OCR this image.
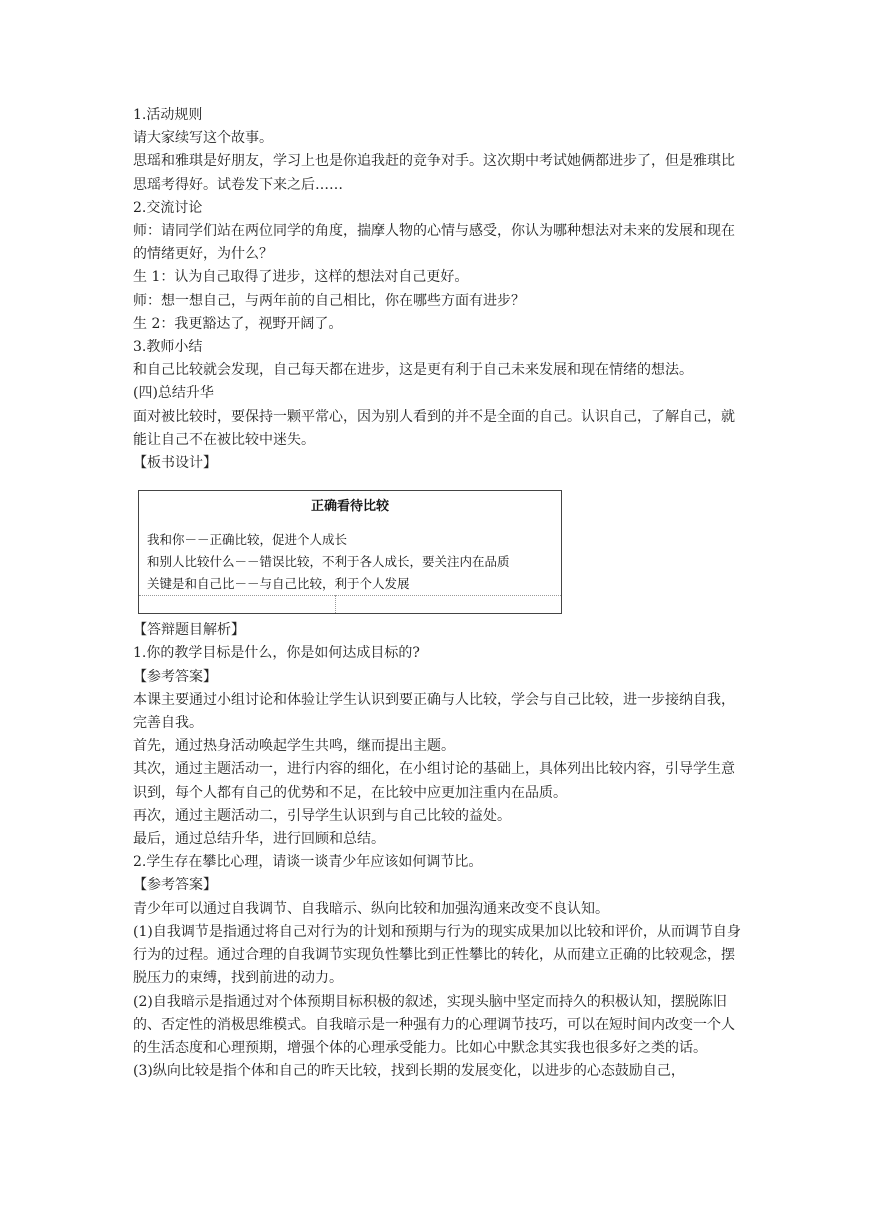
1.活动规则

请大家续写这个故事。

思瑶和雅琪是好朋友，学习上也是你追我赶的竞争对手。这次期中考试她俩都进步了，但是雅琪比思瑶考得好。试卷发下来之后……

2.交流讨论

师：请同学们站在两位同学的角度，揣摩人物的心情与感受，你认为哪种想法对未来的发展和现在的情绪更好，为什么？

生 1：认为自己取得了进步，这样的想法对自己更好。

师：想一想自己，与两年前的自己相比，你在哪些方面有进步？

生 2：我更豁达了，视野开阔了。

3.教师小结

和自己比较就会发现，自己每天都在进步，这是更有利于自己未来发展和现在情绪的想法。

(四)总结升华

面对被比较时，要保持一颗平常心，因为别人看到的并不是全面的自己。认识自己，了解自己，就能让自己不在被比较中迷失。

【板书设计】

正确看待比较
我和你－－正确比较，促进个人成长
和别人比较什么－－错误比较，不利于各人成长，要关注内在品质
关键是和自己比－－与自己比较，利于个人发展

【答辩题目解析】

1.你的教学目标是什么，你是如何达成目标的?

【参考答案】

本课主要通过小组讨论和体验让学生认识到要正确与人比较，学会与自己比较，进一步接纳自我，完善自我。

首先，通过热身活动唤起学生共鸣，继而提出主题。

其次，通过主题活动一，进行内容的细化，在小组讨论的基础上，具体列出比较内容，引导学生意识到，每个人都有自己的优势和不足，在比较中应更加注重内在品质。

再次，通过主题活动二，引导学生认识到与自己比较的益处。

最后，通过总结升华，进行回顾和总结。

2.学生存在攀比心理，请谈一谈青少年应该如何调节比。

【参考答案】

青少年可以通过自我调节、自我暗示、纵向比较和加强沟通来改变不良认知。

(1)自我调节是指通过将自己对行为的计划和预期与行为的现实成果加以比较和评价，从而调节自身行为的过程。通过合理的自我调节实现负性攀比到正性攀比的转化，从而建立正确的比较观念，摆脱压力的束缚，找到前进的动力。

(2)自我暗示是指通过对个体预期目标积极的叙述，实现头脑中坚定而持久的积极认知，摆脱陈旧的、否定性的消极思维模式。自我暗示是一种强有力的心理调节技巧，可以在短时间内改变一个人的生活态度和心理预期，增强个体的心理承受能力。比如心中默念其实我也很多好之类的话。

(3)纵向比较是指个体和自己的昨天比较，找到长期的发展变化，以进步的心态鼓励自己，
